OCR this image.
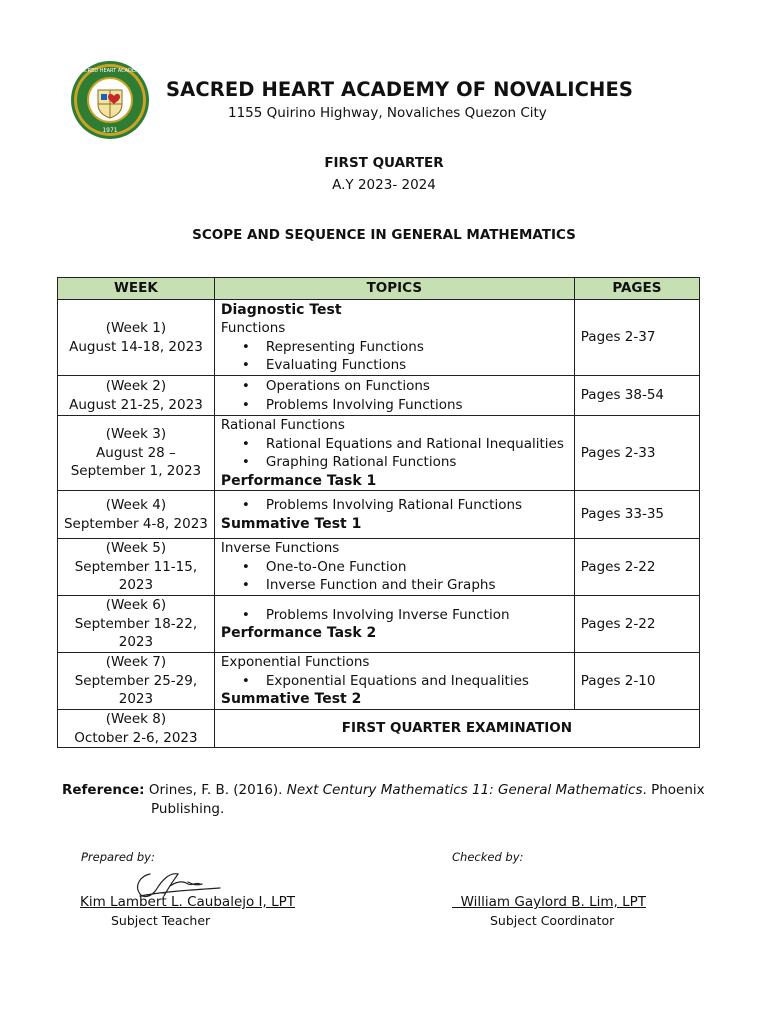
1971
SACRED HEART ACADEMY
SACRED HEART ACADEMY OF NOVALICHES
1155 Quirino Highway, Novaliches Quezon City
FIRST QUARTER
A.Y 2023- 2024
SCOPE AND SEQUENCE IN GENERAL MATHEMATICS
WEEK	TOPICS	PAGES

(Week 1)
August 14-18, 2023	Diagnostic Test
Functions
• Representing Functions
• Evaluating Functions	Pages 2-37

(Week 2)
August 21-25, 2023	• Operations on Functions
• Problems Involving Functions	Pages 38-54

(Week 3)
August 28 –
September 1, 2023	Rational Functions
• Rational Equations and Rational Inequalities
• Graphing Rational Functions
Performance Task 1	Pages 2-33

(Week 4)
September 4-8, 2023	• Problems Involving Rational Functions
Summative Test 1	Pages 33-35

(Week 5)
September 11-15,
2023	Inverse Functions
• One-to-One Function
• Inverse Function and their Graphs	Pages 2-22

(Week 6)
September 18-22,
2023	• Problems Involving Inverse Function
Performance Task 2	Pages 2-22

(Week 7)
September 25-29,
2023	Exponential Functions
• Exponential Equations and Inequalities
Summative Test 2	Pages 2-10

(Week 8)
October 2-6, 2023	FIRST QUARTER EXAMINATION	
Reference: Orines, F. B. (2016). Next Century Mathematics 11: General Mathematics. Phoenix
Publishing.
Prepared by:
Kim Lambert L. Caubalejo I, LPT
Subject Teacher
Checked by:
William Gaylord B. Lim, LPT
Subject Coordinator
